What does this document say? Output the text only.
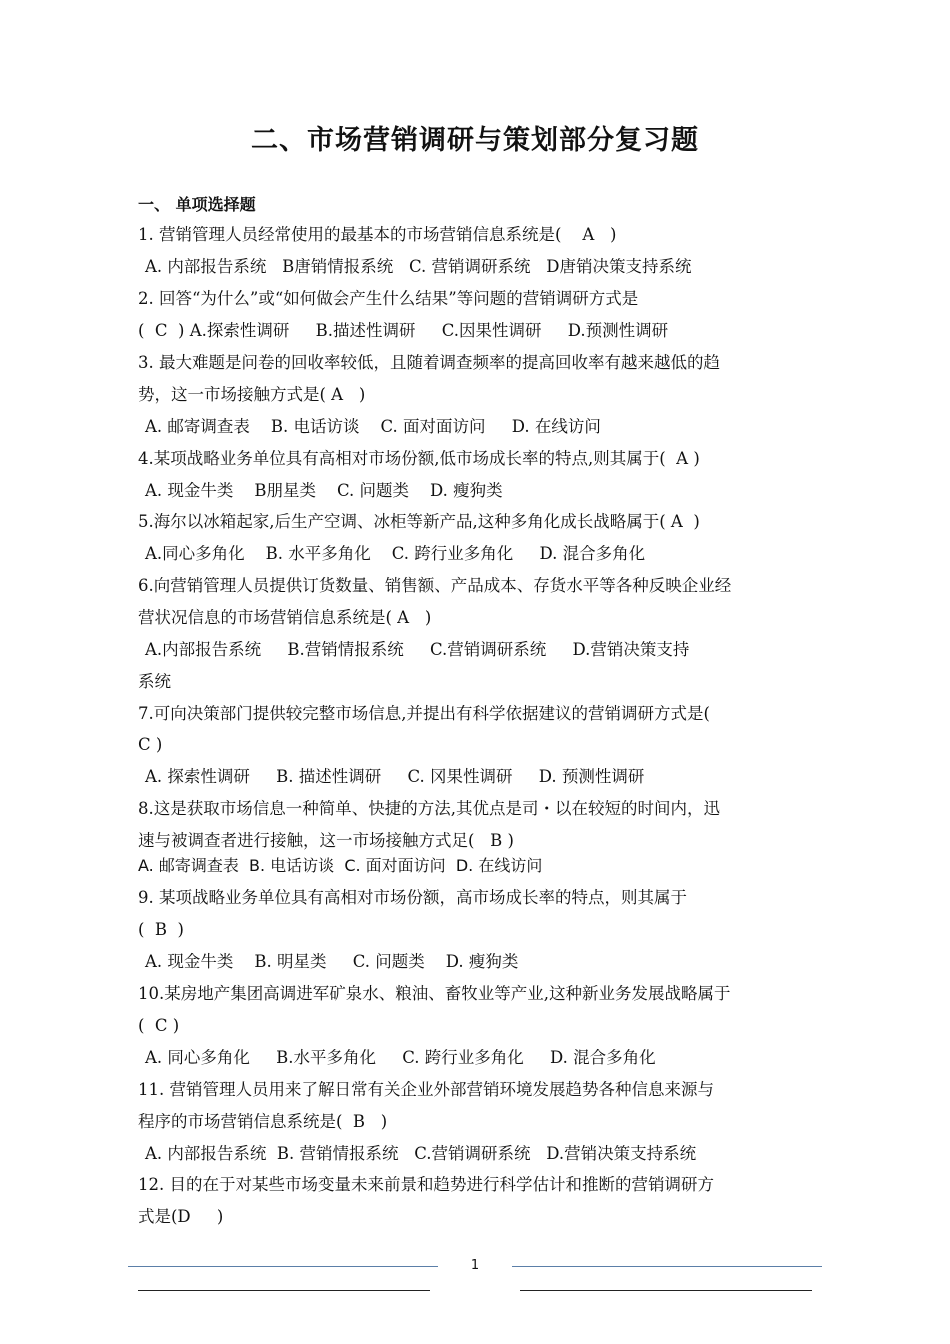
二、市场营销调研与策划部分复习题
一、 单项选择题
1. 营销管理人员经常使用的最基本的市场营销信息系统是(    A   )
A. 内部报告系统   B唐销情报系统   C. 营销调研系统   D唐销决策支持系统
2. 回答“为什么”或“如何做会产生什么结果”等问题的营销调研方式是
(  C  ) A.探索性调研     B.描述性调研     C.因果性调研     D.预测性调研
3. 最大难题是问卷的回收率较低，且随着调查频率的提高回收率有越来越低的趋
势，这一市场接触方式是( A   )
A. 邮寄调查表    B. 电话访谈    C. 面对面访问     D. 在线访问
4.某项战略业务单位具有高相对市场份额,低市场成长率的特点,则其属于(  A )
A. 现金牛类    B朋星类    C. 问题类    D. 瘦狗类
5.海尔以冰箱起家,后生产空调、冰柜等新产品,这种多角化成长战略属于( A  )
A.同心多角化    B. 水平多角化    C. 跨行业多角化     D. 混合多角化
6.向营销管理人员提供订货数量、销售额、产品成本、存货水平等各种反映企业经
营状况信息的市场营销信息系统是( A   )
A.内部报告系统     B.营销情报系统     C.营销调研系统     D.营销决策支持
系统
7.可向决策部门提供较完整市场信息,并提出有科学依据建议的营销调研方式是(
C )
A. 探索性调研     B. 描述性调研     C. 冈果性调研     D. 预测性调研
8.这是获取市场信息一种简单、快捷的方法,其优点是司・以在较短的时间内，迅
速与被调查者进行接触，这一市场接触方式足(   B )
A. 邮寄调查表  B. 电话访谈  C. 面对面访问  D. 在线访问
9. 某项战略业务单位具有高相对市场份额，高市场成长率的特点，则其属于
(  B  )
A. 现金牛类    B. 明星类     C. 问题类    D. 瘦狗类
10.某房地产集团高调进军矿泉水、粮油、畜牧业等产业,这种新业务发展战略属于
(  C )
A. 同心多角化     B.水平多角化     C. 跨行业多角化     D. 混合多角化
11. 营销管理人员用来了解日常有关企业外部营销环境发展趋势各种信息来源与
程序的市场营销信息系统是(  B   )
A. 内部报告系统  B. 营销情报系统   C.营销调研系统   D.营销决策支持系统
12. 目的在于对某些市场变量未来前景和趋势进行科学估计和推断的营销调研方
式是(D     )
1
